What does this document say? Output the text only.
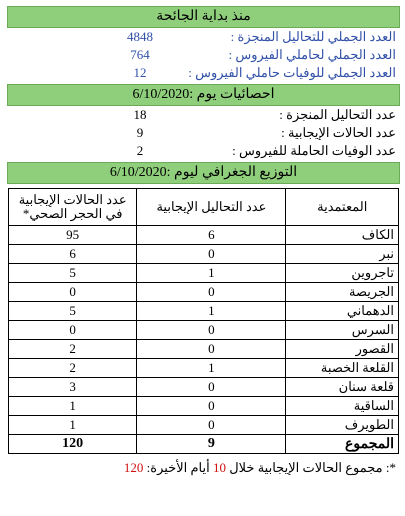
منذ بداية الجائحة
العدد الجملي للتحاليل المنجزة :
4848
العدد الجملي لحاملي الفيروس :
764
العدد الجملي للوفيات حاملي الفيروس :
12
احصائيات يوم :6/10/2020
عدد التحاليل المنجزة :
18
عدد الحالات الإيجابية :
9
عدد الوفيات الحاملة للفيروس :
2
التوزيع الجغرافي ليوم :6/10/2020
المعتمدية	عدد التحاليل الإيجابية	عدد الحالات الإيجابية في الحجر الصحي*
الكاف	6	95
نبر	0	6
تاجروين	1	5
الجريصة	0	0
الدهماني	1	5
السرس	0	0
القصور	0	2
القلعة الخصبة	1	2
قلعة سنان	0	3
الساقية	0	1
الطويرف	0	1
المجموع	9	120
*: مجموع الحالات الإيجابية خلال 10 أيام الأخيرة: 120
